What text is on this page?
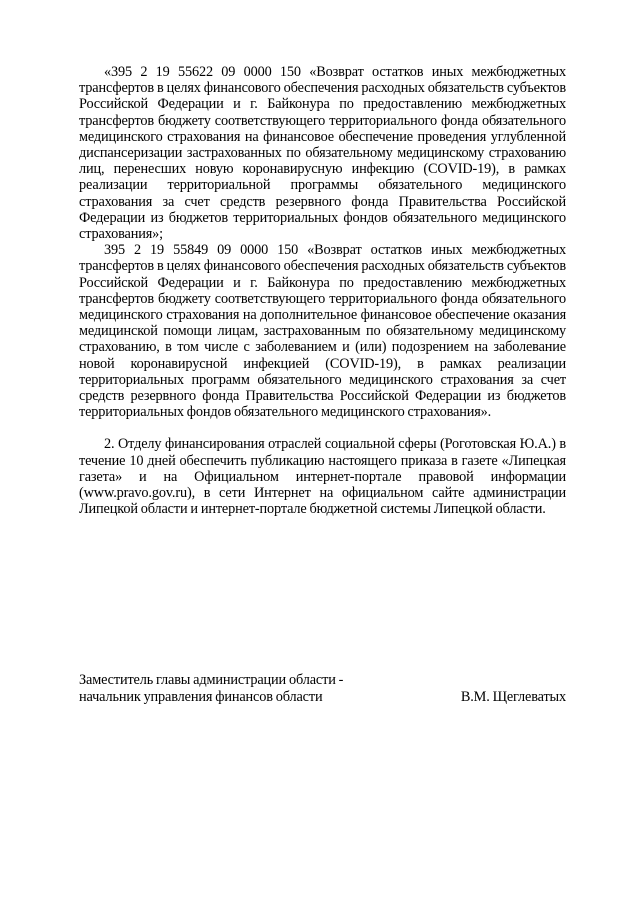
«395 2 19 55622 09 0000 150 «Возврат остатков иных межбюджетных трансфертов в целях финансового обеспечения расходных обязательств субъектов Российской Федерации и г. Байконура по предоставлению межбюджетных трансфертов бюджету соответствующего территориального фонда обязательного медицинского страхования на финансовое обеспечение проведения углубленной диспансеризации застрахованных по обязательному медицинскому страхованию лиц, перенесших новую коронавирусную инфекцию (COVID-19), в рамках реализации территориальной программы обязательного медицинского страхования за счет средств резервного фонда Правительства Российской Федерации из бюджетов территориальных фондов обязательного медицинского страхования»;

395 2 19 55849 09 0000 150 «Возврат остатков иных межбюджетных трансфертов в целях финансового обеспечения расходных обязательств субъектов Российской Федерации и г. Байконура по предоставлению межбюджетных трансфертов бюджету соответствующего территориального фонда обязательного медицинского страхования на дополнительное финансовое обеспечение оказания медицинской помощи лицам, застрахованным по обязательному медицинскому страхованию, в том числе с заболеванием и (или) подозрением на заболевание новой коронавирусной инфекцией (COVID-19), в рамках реализации территориальных программ обязательного медицинского страхования за счет средств резервного фонда Правительства Российской Федерации из бюджетов территориальных фондов обязательного медицинского страхования».

2. Отделу финансирования отраслей социальной сферы (Роготовская Ю.А.) в течение 10 дней обеспечить публикацию настоящего приказа в газете «Липецкая газета» и на Официальном интернет-портале правовой информации (www.pravo.gov.ru), в сети Интернет на официальном сайте администрации Липецкой области и интернет-портале бюджетной системы Липецкой области.

Заместитель главы администрации области -
начальник управления финансов области	В.М. Щеглеватых
